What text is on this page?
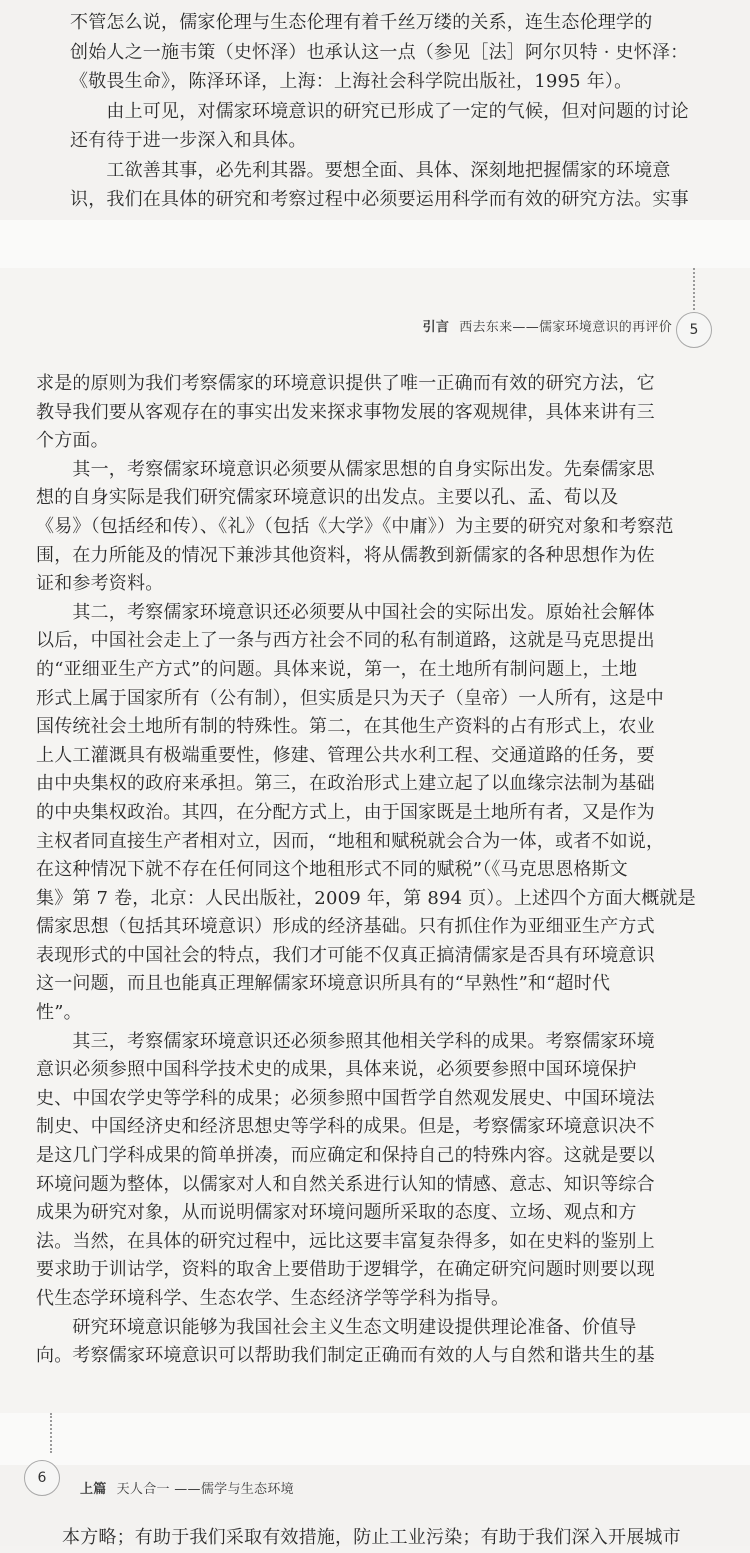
不管怎么说，儒家伦理与生态伦理有着千丝万缕的关系，连生态伦理学的
创始人之一施韦策（史怀泽）也承认这一点（参见［法］阿尔贝特 · 史怀泽：
《敬畏生命》，陈泽环译，上海：上海社会科学院出版社，1995 年）。
　　由上可见，对儒家环境意识的研究已形成了一定的气候，但对问题的讨论
还有待于进一步深入和具体。
　　工欲善其事，必先利其器。要想全面、具体、深刻地把握儒家的环境意
识，我们在具体的研究和考察过程中必须要运用科学而有效的研究方法。实事
引言 西去东来——儒家环境意识的再评价	5
求是的原则为我们考察儒家的环境意识提供了唯一正确而有效的研究方法，它
教导我们要从客观存在的事实出发来探求事物发展的客观规律，具体来讲有三
个方面。
　　其一，考察儒家环境意识必须要从儒家思想的自身实际出发。先秦儒家思
想的自身实际是我们研究儒家环境意识的出发点。主要以孔、孟、荀以及
《易》（包括经和传）、《礼》（包括《大学》《中庸》）为主要的研究对象和考察范
围，在力所能及的情况下兼涉其他资料，将从儒教到新儒家的各种思想作为佐
证和参考资料。
　　其二，考察儒家环境意识还必须要从中国社会的实际出发。原始社会解体
以后，中国社会走上了一条与西方社会不同的私有制道路，这就是马克思提出
的“亚细亚生产方式”的问题。具体来说，第一，在土地所有制问题上，土地
形式上属于国家所有（公有制），但实质是只为天子（皇帝）一人所有，这是中
国传统社会土地所有制的特殊性。第二，在其他生产资料的占有形式上，农业
上人工灌溉具有极端重要性，修建、管理公共水利工程、交通道路的任务，要
由中央集权的政府来承担。第三，在政治形式上建立起了以血缘宗法制为基础
的中央集权政治。其四，在分配方式上，由于国家既是土地所有者，又是作为
主权者同直接生产者相对立，因而，“地租和赋税就会合为一体，或者不如说，
在这种情况下就不存在任何同这个地租形式不同的赋税”（《马克思恩格斯文
集》第 7 卷，北京：人民出版社，2009 年，第 894 页）。上述四个方面大概就是
儒家思想（包括其环境意识）形成的经济基础。只有抓住作为亚细亚生产方式
表现形式的中国社会的特点，我们才可能不仅真正搞清儒家是否具有环境意识
这一问题，而且也能真正理解儒家环境意识所具有的“早熟性”和“超时代
性”。
　　其三，考察儒家环境意识还必须参照其他相关学科的成果。考察儒家环境
意识必须参照中国科学技术史的成果，具体来说，必须要参照中国环境保护
史、中国农学史等学科的成果；必须参照中国哲学自然观发展史、中国环境法
制史、中国经济史和经济思想史等学科的成果。但是，考察儒家环境意识决不
是这几门学科成果的简单拼凑，而应确定和保持自己的特殊内容。这就是要以
环境问题为整体，以儒家对人和自然关系进行认知的情感、意志、知识等综合
成果为研究对象，从而说明儒家对环境问题所采取的态度、立场、观点和方
法。当然，在具体的研究过程中，远比这要丰富复杂得多，如在史料的鉴别上
要求助于训诂学，资料的取舍上要借助于逻辑学，在确定研究问题时则要以现
代生态学环境科学、生态农学、生态经济学等学科为指导。
　　研究环境意识能够为我国社会主义生态文明建设提供理论准备、价值导
向。考察儒家环境意识可以帮助我们制定正确而有效的人与自然和谐共生的基
6
上篇 天人合一 ——儒学与生态环境
本方略；有助于我们采取有效措施，防止工业污染；有助于我们深入开展城市
